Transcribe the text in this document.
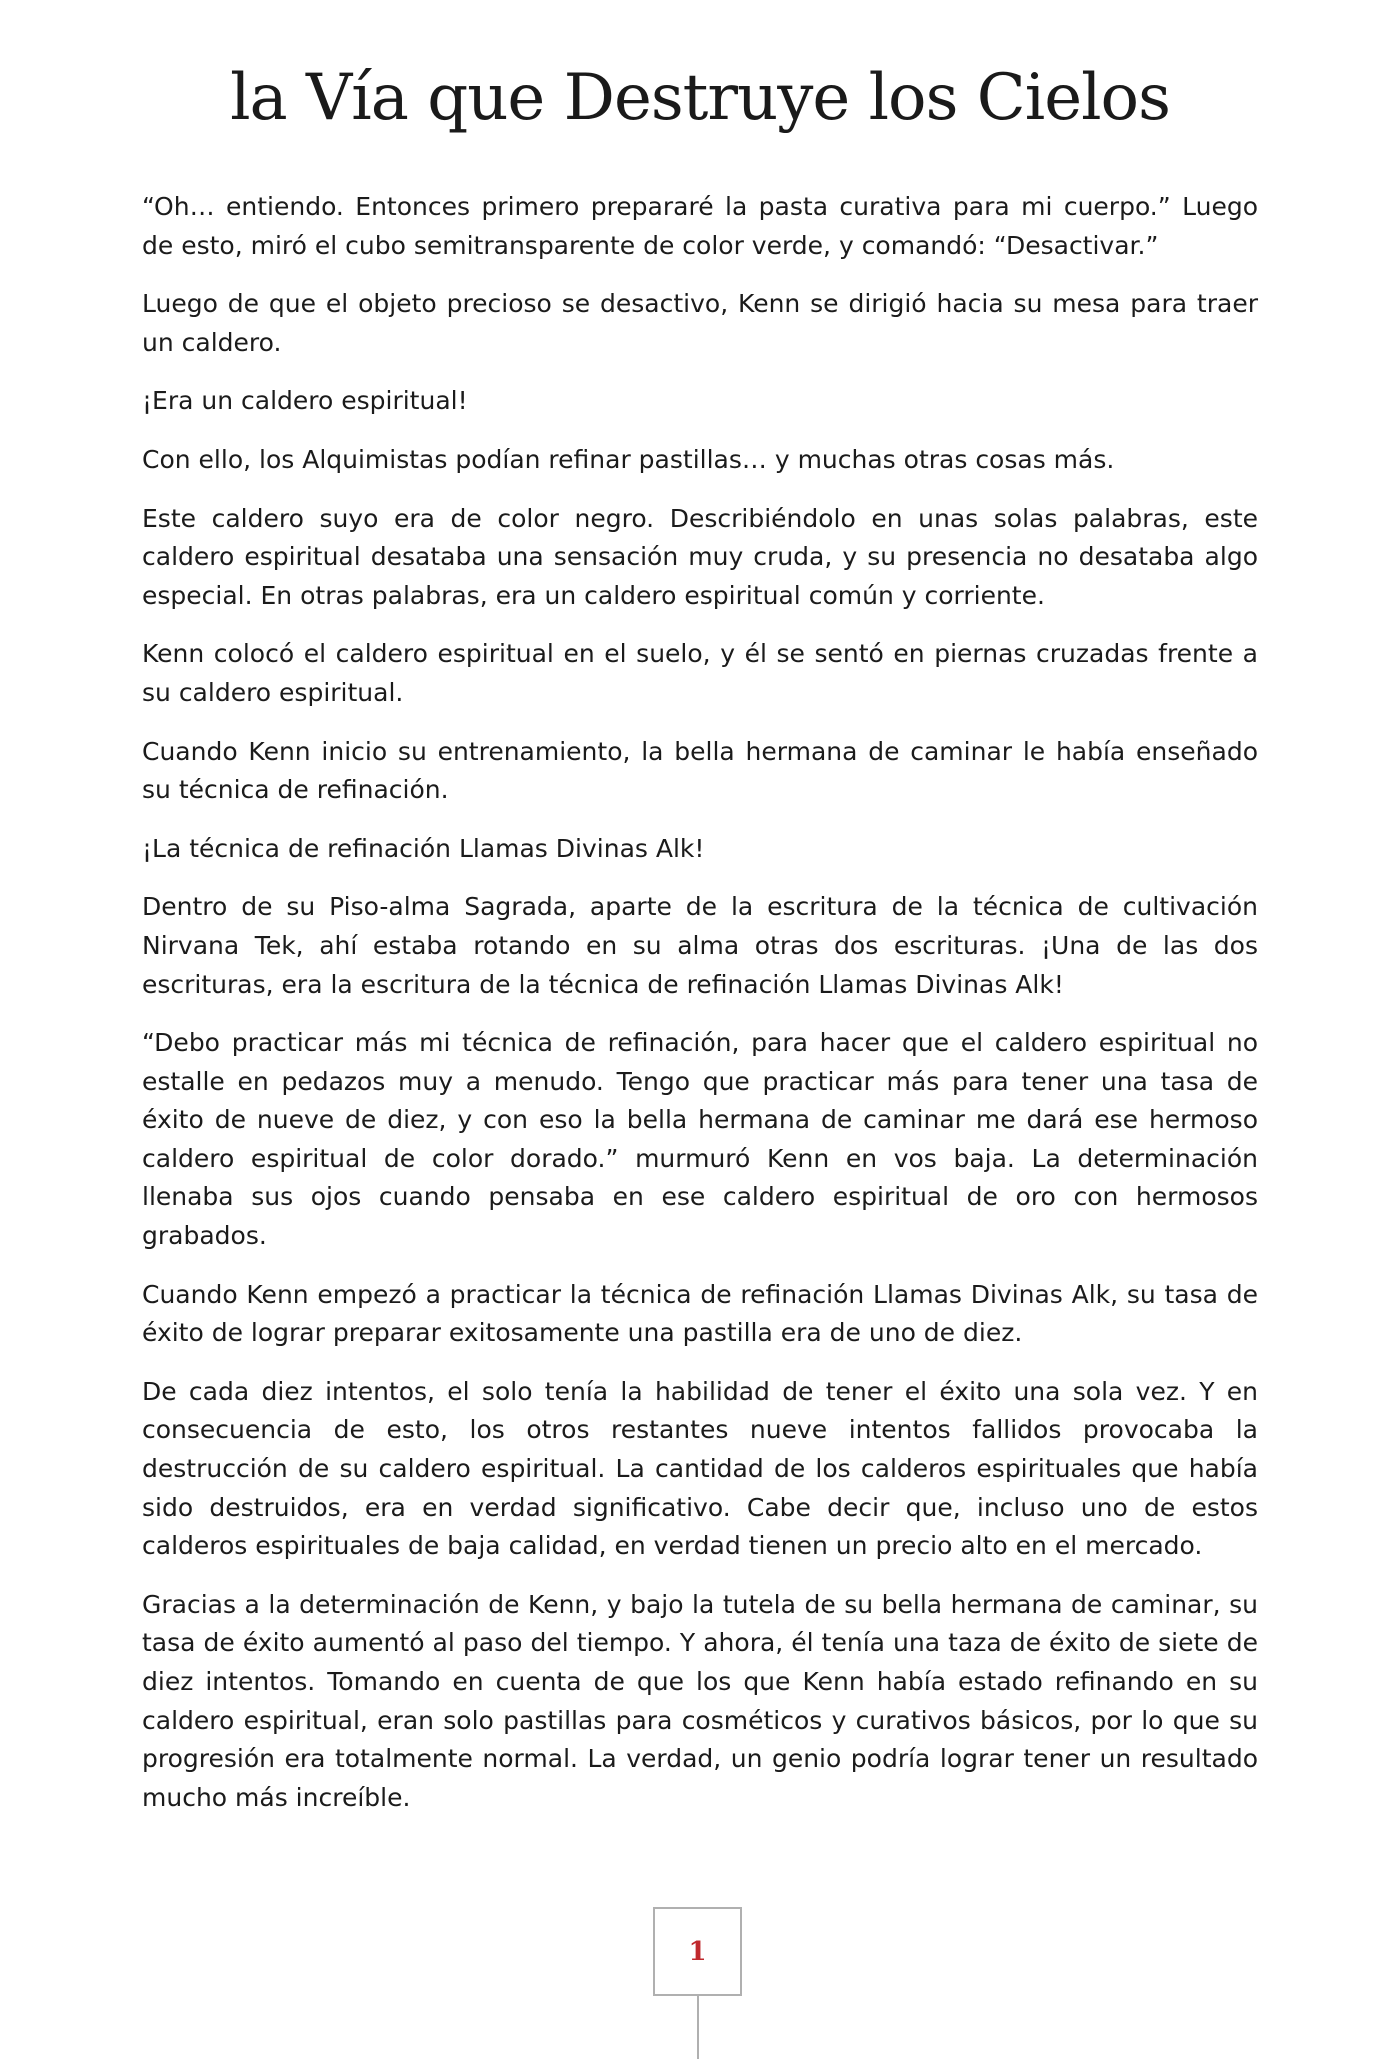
la Vía que Destruye los Cielos

“Oh… entiendo. Entonces primero prepararé la pasta curativa para mi cuerpo.” Luego de esto, miró el cubo semitransparente de color verde, y comandó: “Desactivar.”

Luego de que el objeto precioso se desactivo, Kenn se dirigió hacia su mesa para traer un caldero.

¡Era un caldero espiritual!

Con ello, los Alquimistas podían refinar pastillas… y muchas otras cosas más.

Este caldero suyo era de color negro. Describiéndolo en unas solas palabras, este caldero espiritual desataba una sensación muy cruda, y su presencia no desataba algo especial. En otras palabras, era un caldero espiritual común y corriente.

Kenn colocó el caldero espiritual en el suelo, y él se sentó en piernas cruzadas frente a su caldero espiritual.

Cuando Kenn inicio su entrenamiento, la bella hermana de caminar le había enseñado su técnica de refinación.

¡La técnica de refinación Llamas Divinas Alk!

Dentro de su Piso-alma Sagrada, aparte de la escritura de la técnica de cultivación Nirvana Tek, ahí estaba rotando en su alma otras dos escrituras. ¡Una de las dos escrituras, era la escritura de la técnica de refinación Llamas Divinas Alk!

“Debo practicar más mi técnica de refinación, para hacer que el caldero espiritual no estalle en pedazos muy a menudo. Tengo que practicar más para tener una tasa de éxito de nueve de diez, y con eso la bella hermana de caminar me dará ese hermoso caldero espiritual de color dorado.” murmuró Kenn en vos baja. La determinación llenaba sus ojos cuando pensaba en ese caldero espiritual de oro con hermosos grabados.

Cuando Kenn empezó a practicar la técnica de refinación Llamas Divinas Alk, su tasa de éxito de lograr preparar exitosamente una pastilla era de uno de diez.

De cada diez intentos, el solo tenía la habilidad de tener el éxito una sola vez. Y en consecuencia de esto, los otros restantes nueve intentos fallidos provocaba la destrucción de su caldero espiritual. La cantidad de los calderos espirituales que había sido destruidos, era en verdad significativo. Cabe decir que, incluso uno de estos calderos espirituales de baja calidad, en verdad tienen un precio alto en el mercado.

Gracias a la determinación de Kenn, y bajo la tutela de su bella hermana de caminar, su tasa de éxito aumentó al paso del tiempo. Y ahora, él tenía una taza de éxito de siete de diez intentos. Tomando en cuenta de que los que Kenn había estado refinando en su caldero espiritual, eran solo pastillas para cosméticos y curativos básicos, por lo que su progresión era totalmente normal. La verdad, un genio podría lograr tener un resultado mucho más increíble.

1
